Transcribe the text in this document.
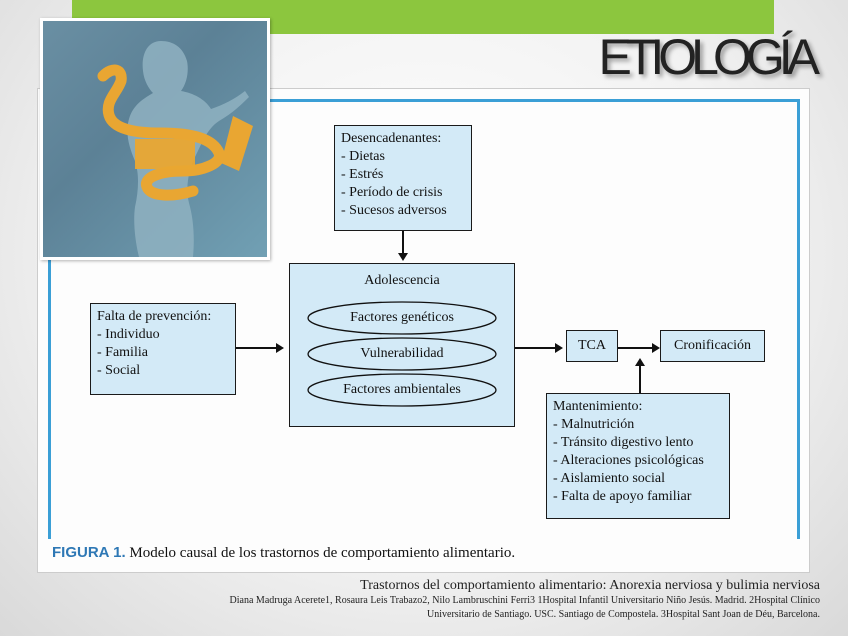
Desencadenantes:
- Dietas
- Estrés
- Período de crisis
- Sucesos adversos
Falta de prevención:
- Individuo
- Familia
- Social
Adolescencia
Factores genéticos
Vulnerabilidad
Factores ambientales
TCA	Cronificación
Mantenimiento:
- Malnutrición
- Tránsito digestivo lento
- Alteraciones psicológicas
- Aislamiento social
- Falta de apoyo familiar
FIGURA 1. Modelo causal de los trastornos de comportamiento alimentario.
ETIOLOGÍA
Trastornos del comportamiento alimentario: Anorexia nerviosa y bulimia nerviosa
Diana Madruga Acerete1, Rosaura Leis Trabazo2, Nilo Lambruschini Ferri3 1Hospital Infantil Universitario Niño Jesús. Madrid. 2Hospital Clínico
Universitario de Santiago. USC. Santiago de Compostela. 3Hospital Sant Joan de Déu, Barcelona.
